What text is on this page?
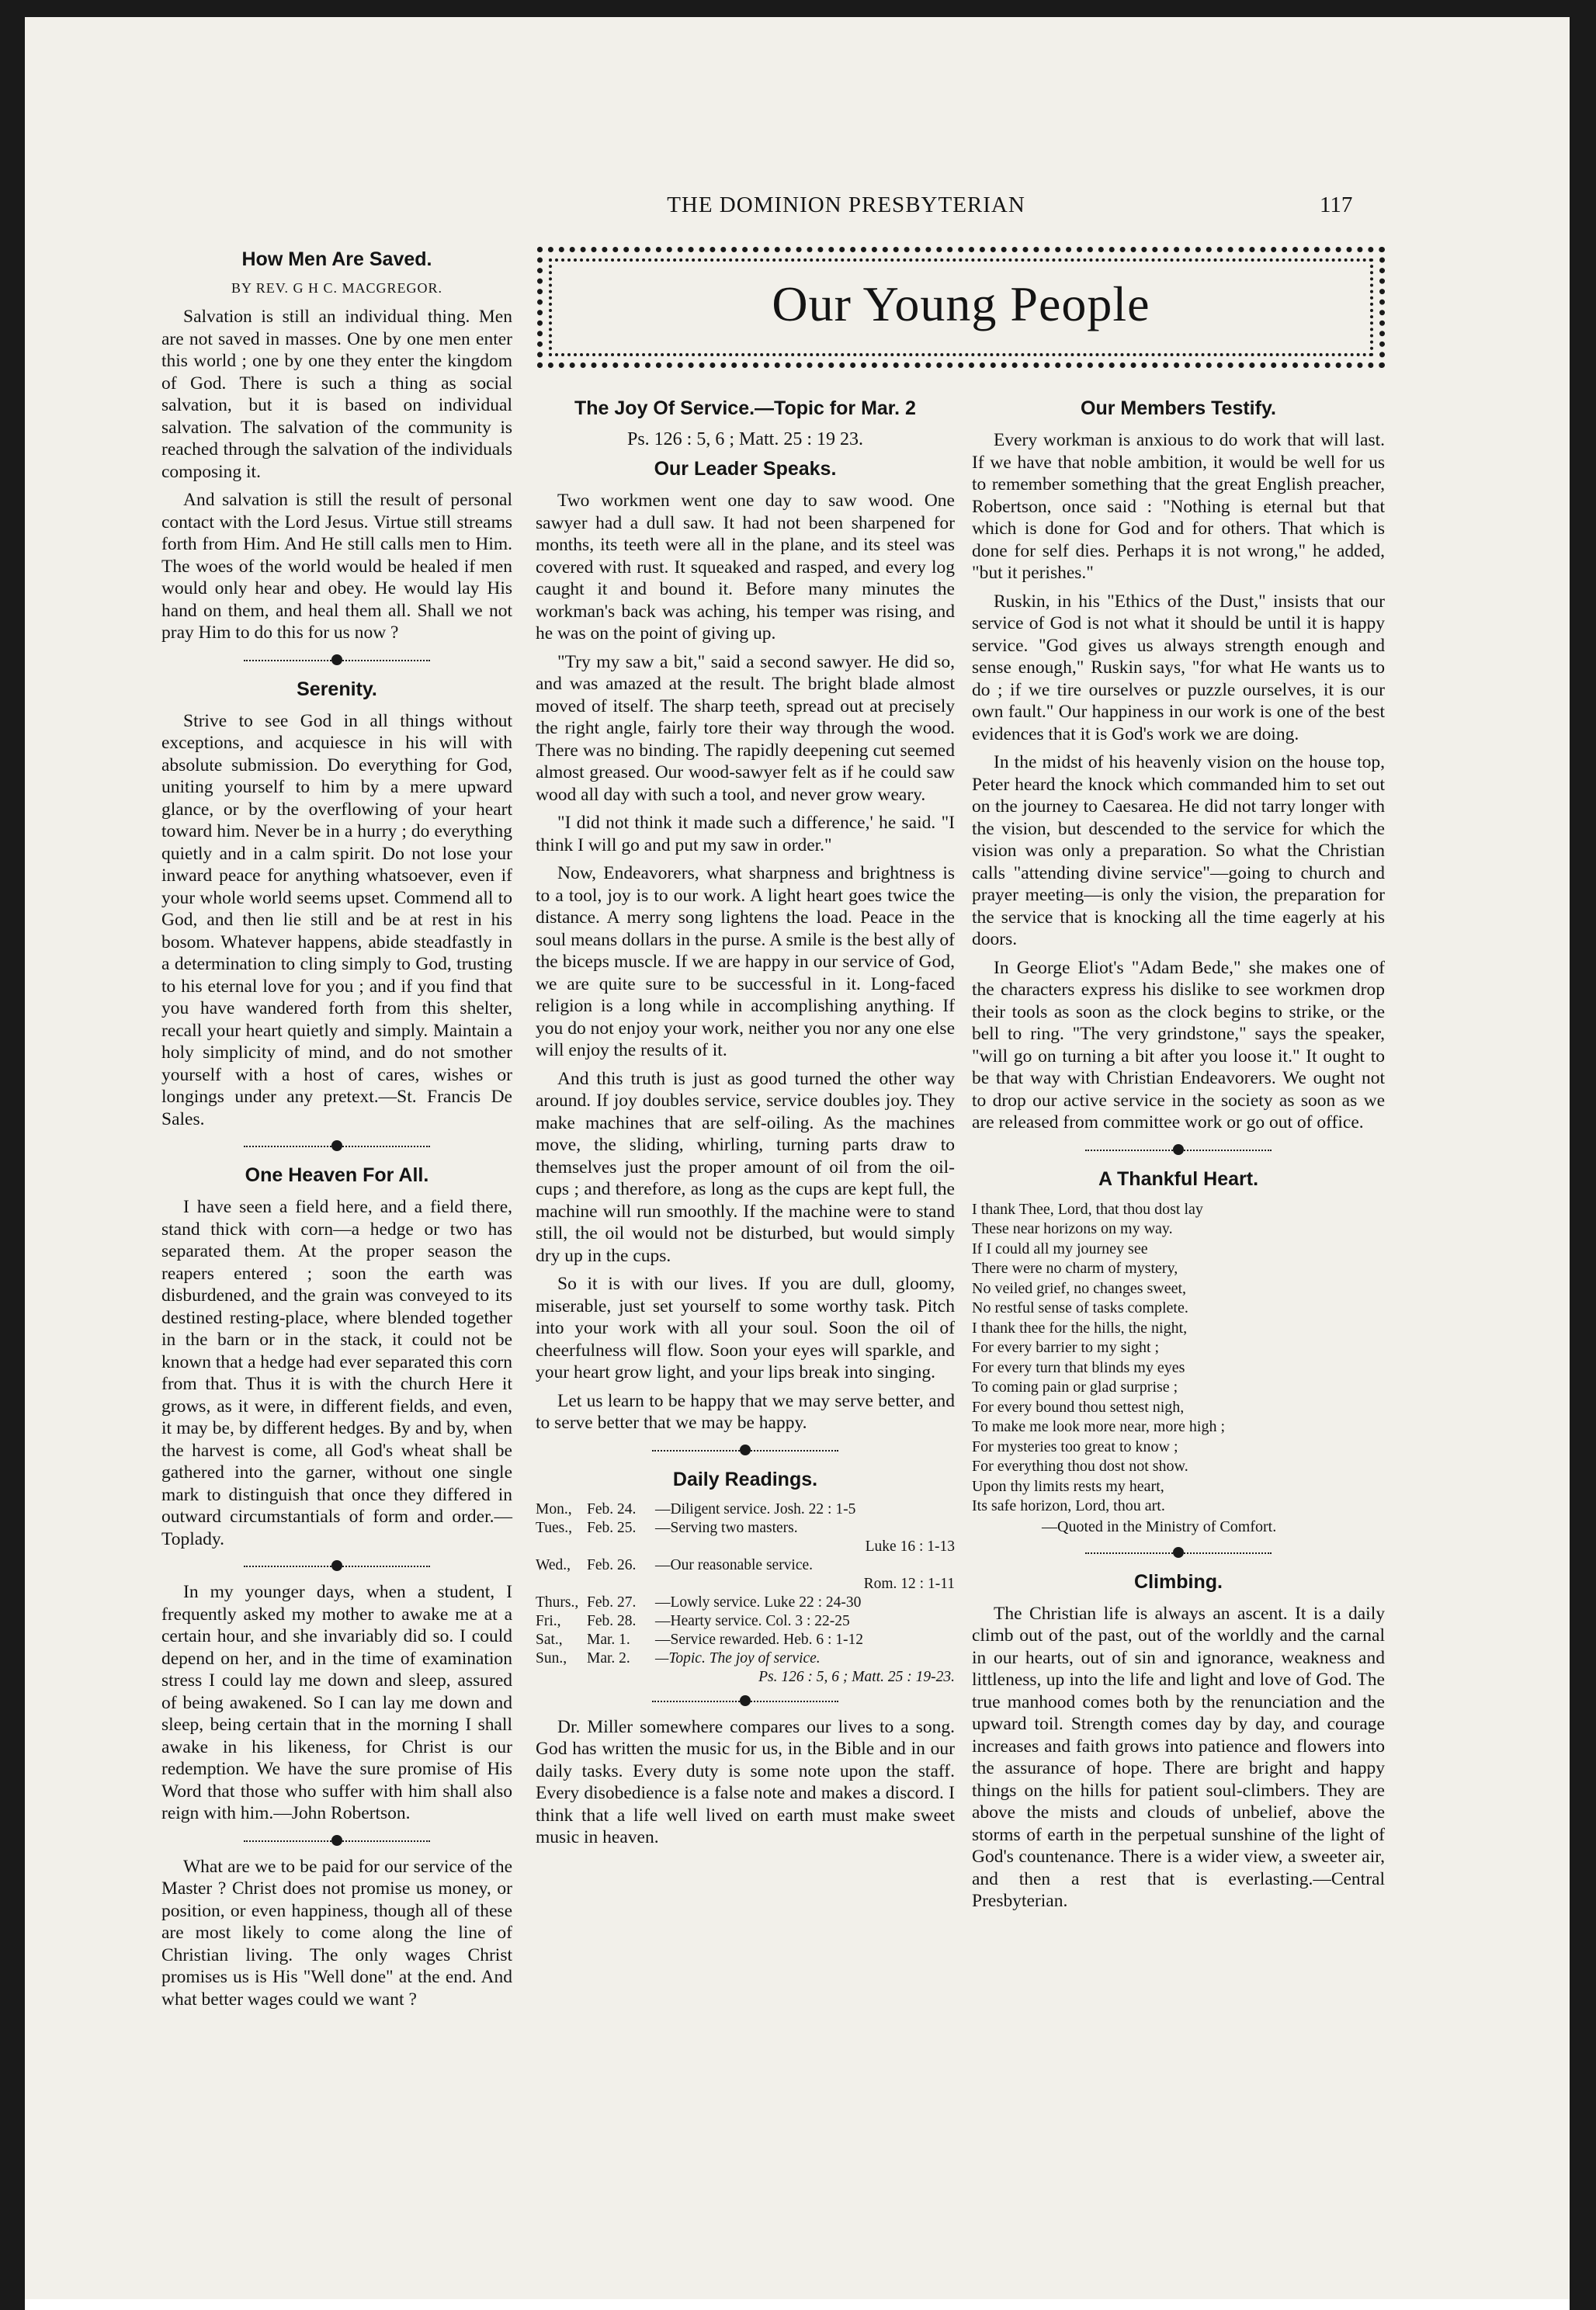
THE DOMINION PRESBYTERIAN	117
Our Young People
How Men Are Saved.
BY REV. G H C. MACGREGOR.

Salvation is still an individual thing. Men are not saved in masses. One by one men enter this world ; one by one they enter the kingdom of God. There is such a thing as social salvation, but it is based on individual salvation. The salvation of the community is reached through the salvation of the individuals composing it.

And salvation is still the result of personal contact with the Lord Jesus. Virtue still streams forth from Him. And He still calls men to Him. The woes of the world would be healed if men would only hear and obey. He would lay His hand on them, and heal them all. Shall we not pray Him to do this for us now ?

Serenity.

Strive to see God in all things without exceptions, and acquiesce in his will with absolute submission. Do everything for God, uniting yourself to him by a mere upward glance, or by the overflowing of your heart toward him. Never be in a hurry ; do everything quietly and in a calm spirit. Do not lose your inward peace for anything whatsoever, even if your whole world seems upset. Commend all to God, and then lie still and be at rest in his bosom. Whatever happens, abide steadfastly in a determination to cling simply to God, trusting to his eternal love for you ; and if you find that you have wandered forth from this shelter, recall your heart quietly and simply. Maintain a holy simplicity of mind, and do not smother yourself with a host of cares, wishes or longings under any pretext.—St. Francis De Sales.

One Heaven For All.

I have seen a field here, and a field there, stand thick with corn—a hedge or two has separated them. At the proper season the reapers entered ; soon the earth was disburdened, and the grain was conveyed to its destined resting-place, where blended together in the barn or in the stack, it could not be known that a hedge had ever separated this corn from that. Thus it is with the church Here it grows, as it were, in different fields, and even, it may be, by different hedges. By and by, when the harvest is come, all God's wheat shall be gathered into the garner, without one single mark to distinguish that once they differed in outward circumstantials of form and order.—Toplady.

In my younger days, when a student, I frequently asked my mother to awake me at a certain hour, and she invariably did so. I could depend on her, and in the time of examination stress I could lay me down and sleep, assured of being awakened. So I can lay me down and sleep, being certain that in the morning I shall awake in his likeness, for Christ is our redemption. We have the sure promise of His Word that those who suffer with him shall also reign with him.—John Robertson.

What are we to be paid for our service of the Master ? Christ does not promise us money, or position, or even happiness, though all of these are most likely to come along the line of Christian living. The only wages Christ promises us is His "Well done" at the end. And what better wages could we want ?

The Joy Of Service.—Topic for Mar. 2
Ps. 126 : 5, 6 ; Matt. 25 : 19 23.
Our Leader Speaks.

Two workmen went one day to saw wood. One sawyer had a dull saw. It had not been sharpened for months, its teeth were all in the plane, and its steel was covered with rust. It squeaked and rasped, and every log caught it and bound it. Before many minutes the workman's back was aching, his temper was rising, and he was on the point of giving up.

"Try my saw a bit," said a second sawyer. He did so, and was amazed at the result. The bright blade almost moved of itself. The sharp teeth, spread out at precisely the right angle, fairly tore their way through the wood. There was no binding. The rapidly deepening cut seemed almost greased. Our wood-sawyer felt as if he could saw wood all day with such a tool, and never grow weary.

"I did not think it made such a difference,' he said. "I think I will go and put my saw in order."

Now, Endeavorers, what sharpness and brightness is to a tool, joy is to our work. A light heart goes twice the distance. A merry song lightens the load. Peace in the soul means dollars in the purse. A smile is the best ally of the biceps muscle. If we are happy in our service of God, we are quite sure to be successful in it. Long-faced religion is a long while in accomplishing anything. If you do not enjoy your work, neither you nor any one else will enjoy the results of it.

And this truth is just as good turned the other way around. If joy doubles service, service doubles joy. They make machines that are self-oiling. As the machines move, the sliding, whirling, turning parts draw to themselves just the proper amount of oil from the oil-cups ; and therefore, as long as the cups are kept full, the machine will run smoothly. If the machine were to stand still, the oil would not be disturbed, but would simply dry up in the cups.

So it is with our lives. If you are dull, gloomy, miserable, just set yourself to some worthy task. Pitch into your work with all your soul. Soon the oil of cheerfulness will flow. Soon your eyes will sparkle, and your heart grow light, and your lips break into singing.

Let us learn to be happy that we may serve better, and to serve better that we may be happy.

Daily Readings.
Mon.,	Feb. 24.	—Diligent service. Josh. 22 : 1-5
Tues.,	Feb. 25.	—Serving two masters.
		Luke 16 : 1-13
Wed.,	Feb. 26.	—Our reasonable service.
		Rom. 12 : 1-11
Thurs.,	Feb. 27.	—Lowly service. Luke 22 : 24-30
Fri.,	Feb. 28.	—Hearty service. Col. 3 : 22-25
Sat.,	Mar. 1.	—Service rewarded. Heb. 6 : 1-12
Sun.,	Mar. 2.	—Topic. The joy of service.
		Ps. 126 : 5, 6 ; Matt. 25 : 19-23.

Dr. Miller somewhere compares our lives to a song. God has written the music for us, in the Bible and in our daily tasks. Every duty is some note upon the staff. Every disobedience is a false note and makes a discord. I think that a life well lived on earth must make sweet music in heaven.

Our Members Testify.

Every workman is anxious to do work that will last. If we have that noble ambition, it would be well for us to remember something that the great English preacher, Robertson, once said : "Nothing is eternal but that which is done for God and for others. That which is done for self dies. Perhaps it is not wrong," he added, "but it perishes."

Ruskin, in his "Ethics of the Dust," insists that our service of God is not what it should be until it is happy service. "God gives us always strength enough and sense enough," Ruskin says, "for what He wants us to do ; if we tire ourselves or puzzle ourselves, it is our own fault." Our happiness in our work is one of the best evidences that it is God's work we are doing.

In the midst of his heavenly vision on the house top, Peter heard the knock which commanded him to set out on the journey to Caesarea. He did not tarry longer with the vision, but descended to the service for which the vision was only a preparation. So what the Christian calls "attending divine service"—going to church and prayer meeting—is only the vision, the preparation for the service that is knocking all the time eagerly at his doors.

In George Eliot's "Adam Bede," she makes one of the characters express his dislike to see workmen drop their tools as soon as the clock begins to strike, or the bell to ring. "The very grindstone," says the speaker, "will go on turning a bit after you loose it." It ought to be that way with Christian Endeavorers. We ought not to drop our active service in the society as soon as we are released from committee work or go out of office.

A Thankful Heart.
I thank Thee, Lord, that thou dost lay
These near horizons on my way.
If I could all my journey see
There were no charm of mystery,
No veiled grief, no changes sweet,
No restful sense of tasks complete.
I thank thee for the hills, the night,
For every barrier to my sight ;
For every turn that blinds my eyes
To coming pain or glad surprise ;
For every bound thou settest nigh,
To make me look more near, more high ;
For mysteries too great to know ;
For everything thou dost not show.
Upon thy limits rests my heart,
Its safe horizon, Lord, thou art.
—Quoted in the Ministry of Comfort.
Climbing.

The Christian life is always an ascent. It is a daily climb out of the past, out of the worldly and the carnal in our hearts, out of sin and ignorance, weakness and littleness, up into the life and light and love of God. The true manhood comes both by the renunciation and the upward toil. Strength comes day by day, and courage increases and faith grows into patience and flowers into the assurance of hope. There are bright and happy things on the hills for patient soul-climbers. They are above the mists and clouds of unbelief, above the storms of earth in the perpetual sunshine of the light of God's countenance. There is a wider view, a sweeter air, and then a rest that is everlasting.—Central Presbyterian.
